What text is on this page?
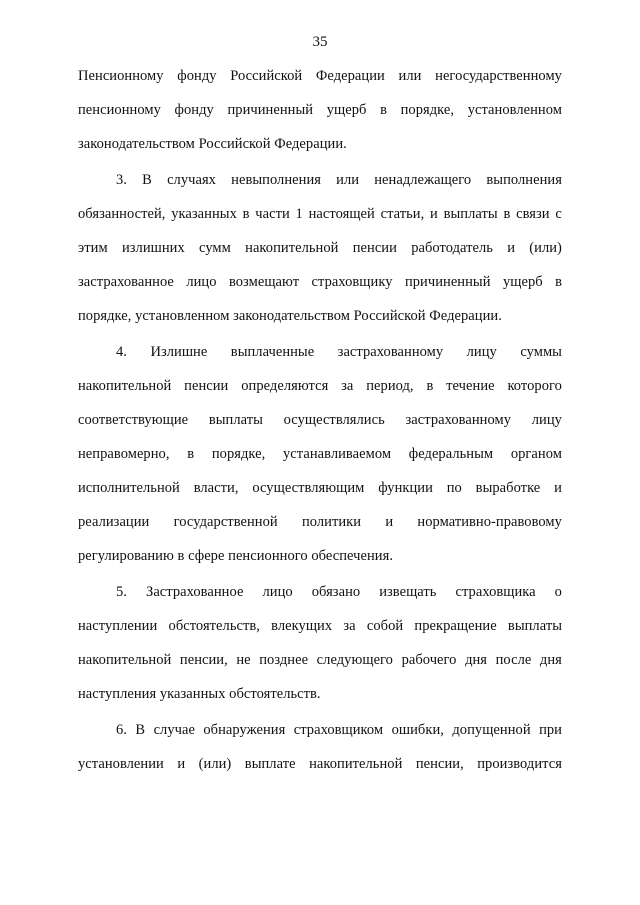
35
Пенсионному фонду Российской Федерации или негосударственному
пенсионному фонду причиненный ущерб в порядке, установленном
законодательством Российской Федерации.
3. В случаях невыполнения или ненадлежащего выполнения
обязанностей, указанных в части 1 настоящей статьи, и выплаты в связи с
этим излишних сумм накопительной пенсии работодатель и (или)
застрахованное лицо возмещают страховщику причиненный ущерб в
порядке, установленном законодательством Российской Федерации.
4. Излишне выплаченные застрахованному лицу суммы
накопительной пенсии определяются за период, в течение которого
соответствующие выплаты осуществлялись застрахованному лицу
неправомерно, в порядке, устанавливаемом федеральным органом
исполнительной власти, осуществляющим функции по выработке и
реализации государственной политики и нормативно-правовому
регулированию в сфере пенсионного обеспечения.
5. Застрахованное лицо обязано извещать страховщика о
наступлении обстоятельств, влекущих за собой прекращение выплаты
накопительной пенсии, не позднее следующего рабочего дня после дня
наступления указанных обстоятельств.
6. В случае обнаружения страховщиком ошибки, допущенной при
установлении и (или) выплате накопительной пенсии, производится
